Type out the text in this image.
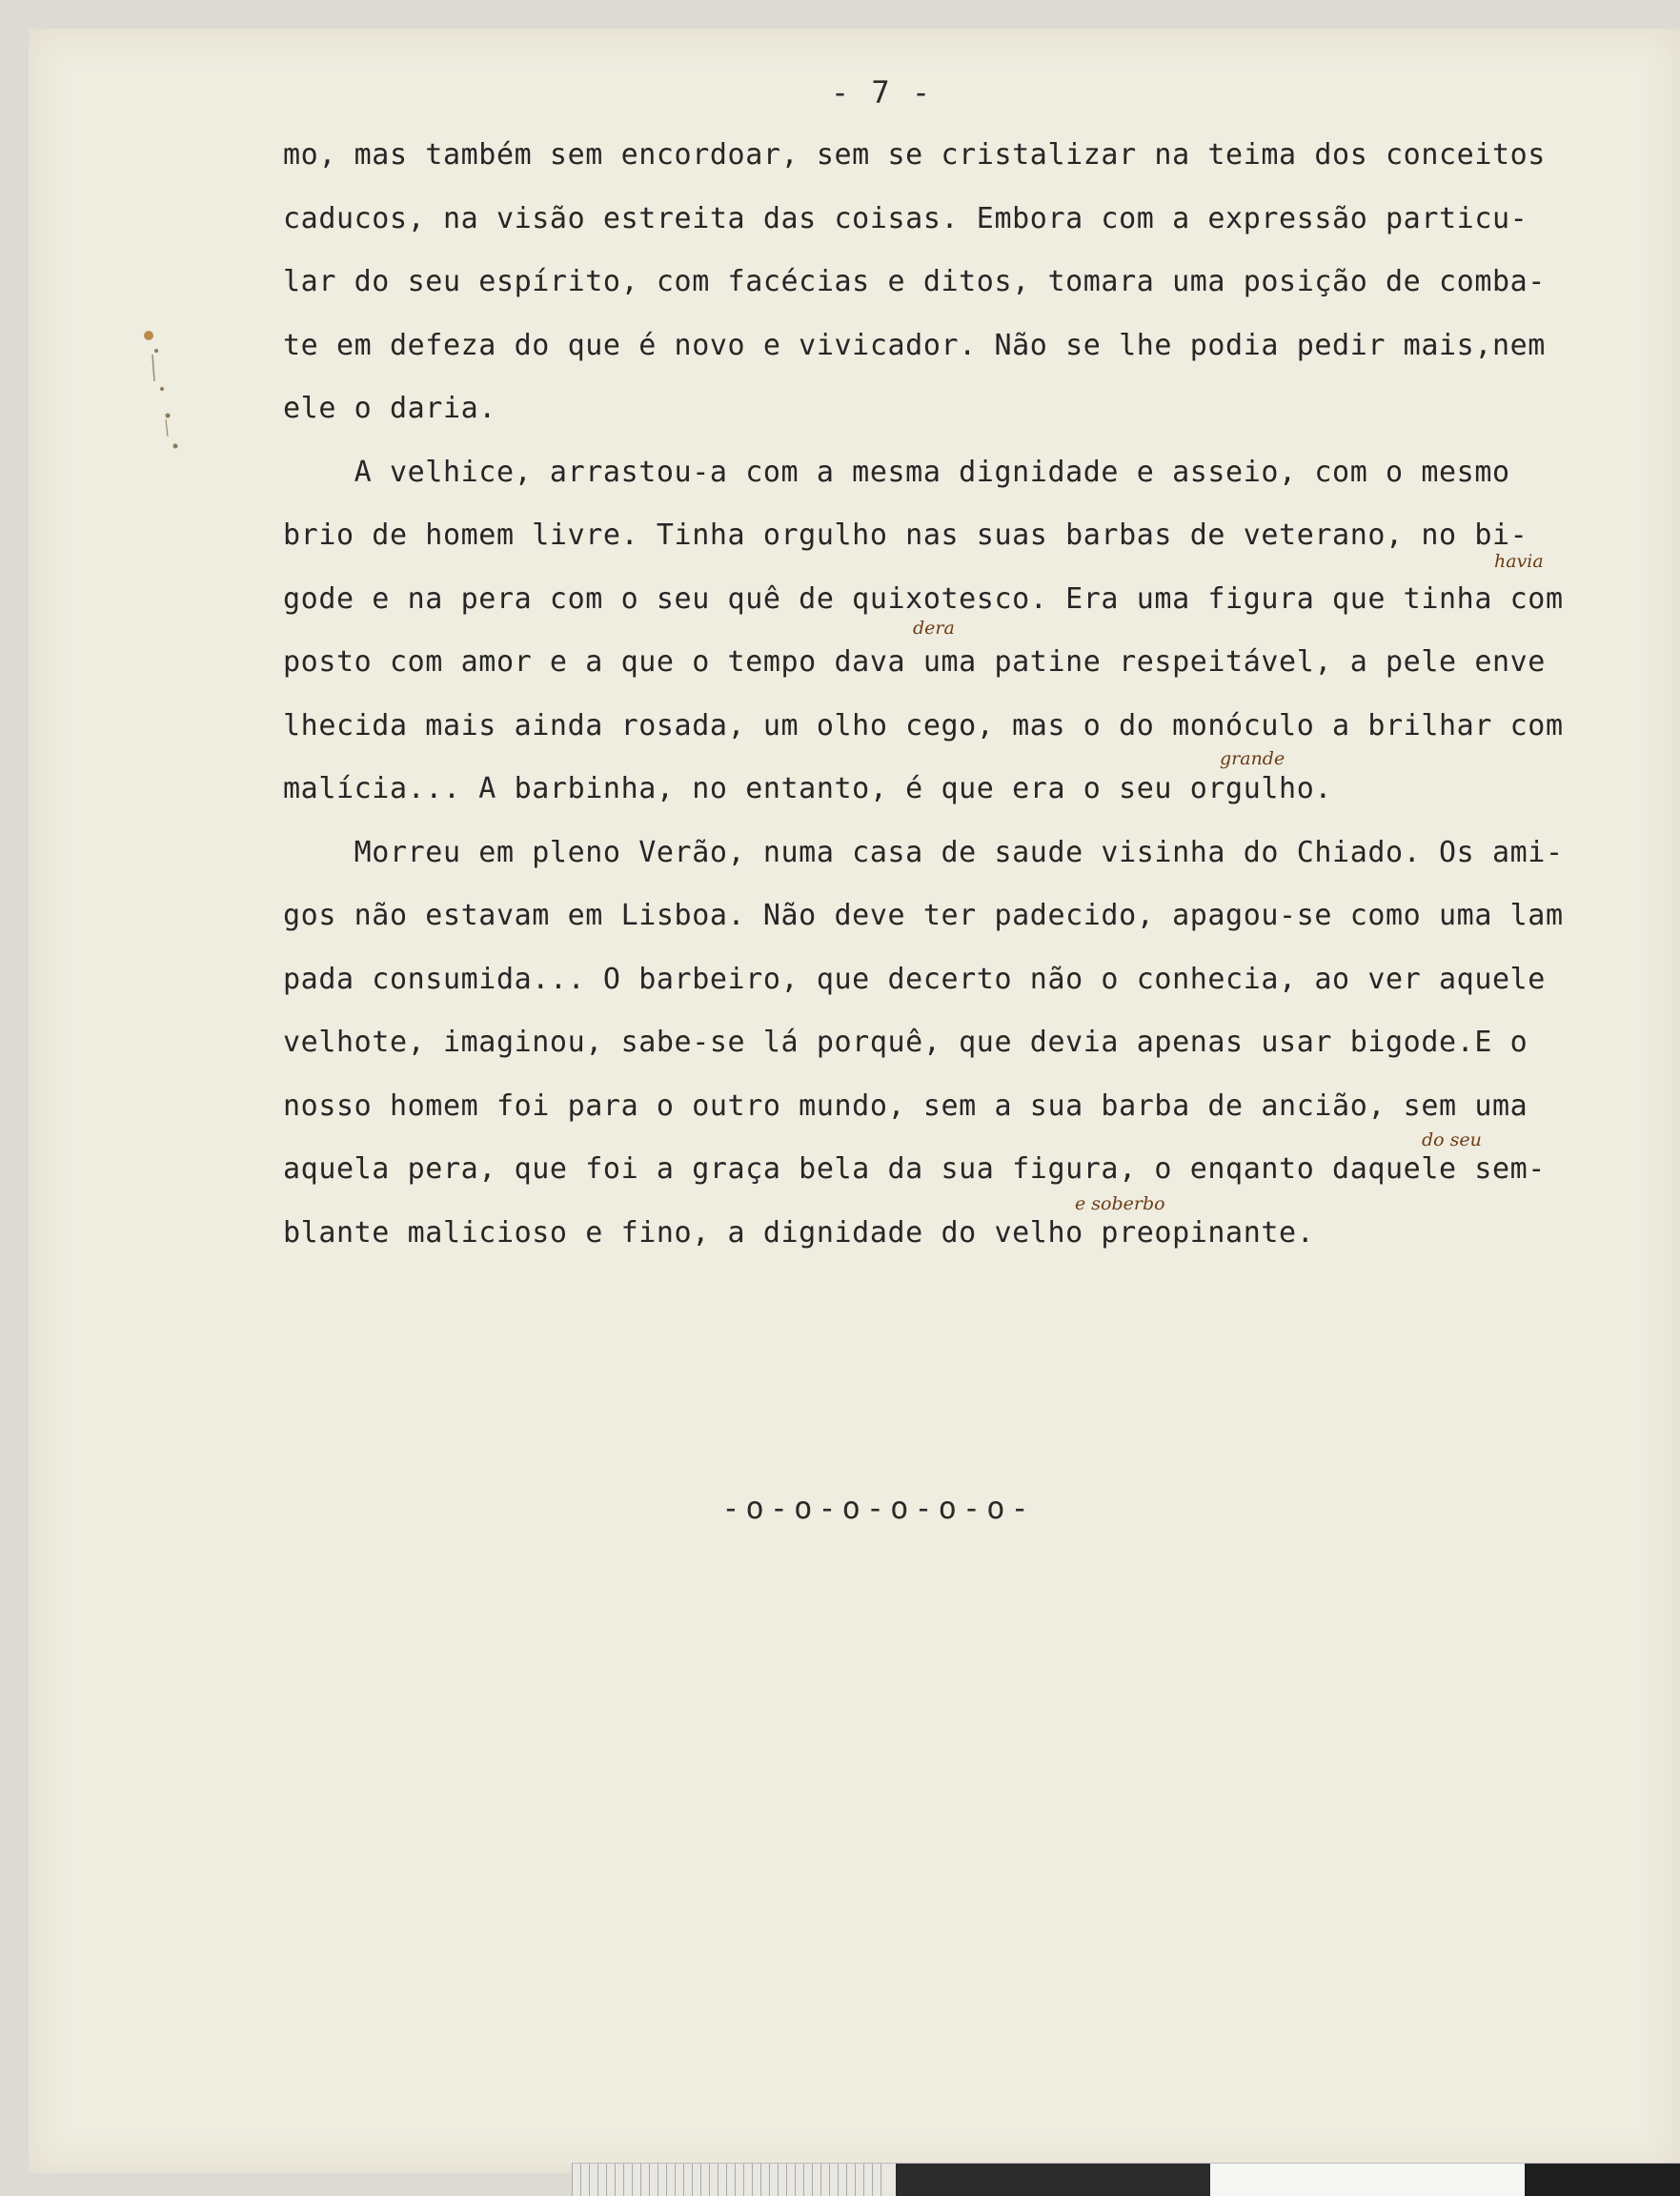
- 7 -
mo, mas também sem encordoar, sem se cristalizar na teima dos conceitos
caducos, na visão estreita das coisas. Embora com a expressão particu-
lar do seu espírito, com facécias e ditos, tomara uma posição de comba-
te em defeza do que é novo e vivicador. Não se lhe podia pedir mais,nem
ele o daria.
A velhice, arrastou-a com a mesma dignidade e asseio, com o mesmo
brio de homem livre. Tinha orgulho nas suas barbas de veterano, no bi-
gode e na pera com o seu quê de quixotesco. Era uma figura que tinha com
posto com amor e a que o tempo dava uma patine respeitável, a pele enve
lhecida mais ainda rosada, um olho cego, mas o do monóculo a brilhar com
malícia... A barbinha, no entanto, é que era o seu orgulho.
Morreu em pleno Verão, numa casa de saude visinha do Chiado. Os ami-
gos não estavam em Lisboa. Não deve ter padecido, apagou-se como uma lam
pada consumida... O barbeiro, que decerto não o conhecia, ao ver aquele
velhote, imaginou, sabe-se lá porquê, que devia apenas usar bigode.E o
nosso homem foi para o outro mundo, sem a sua barba de ancião, sem uma
aquela pera, que foi a graça bela da sua figura, o enqanto daquele sem-
blante malicioso e fino, a dignidade do velho preopinante.
havia
dera
grande
do seu
e soberbo
-o-o-o-o-o-o-
